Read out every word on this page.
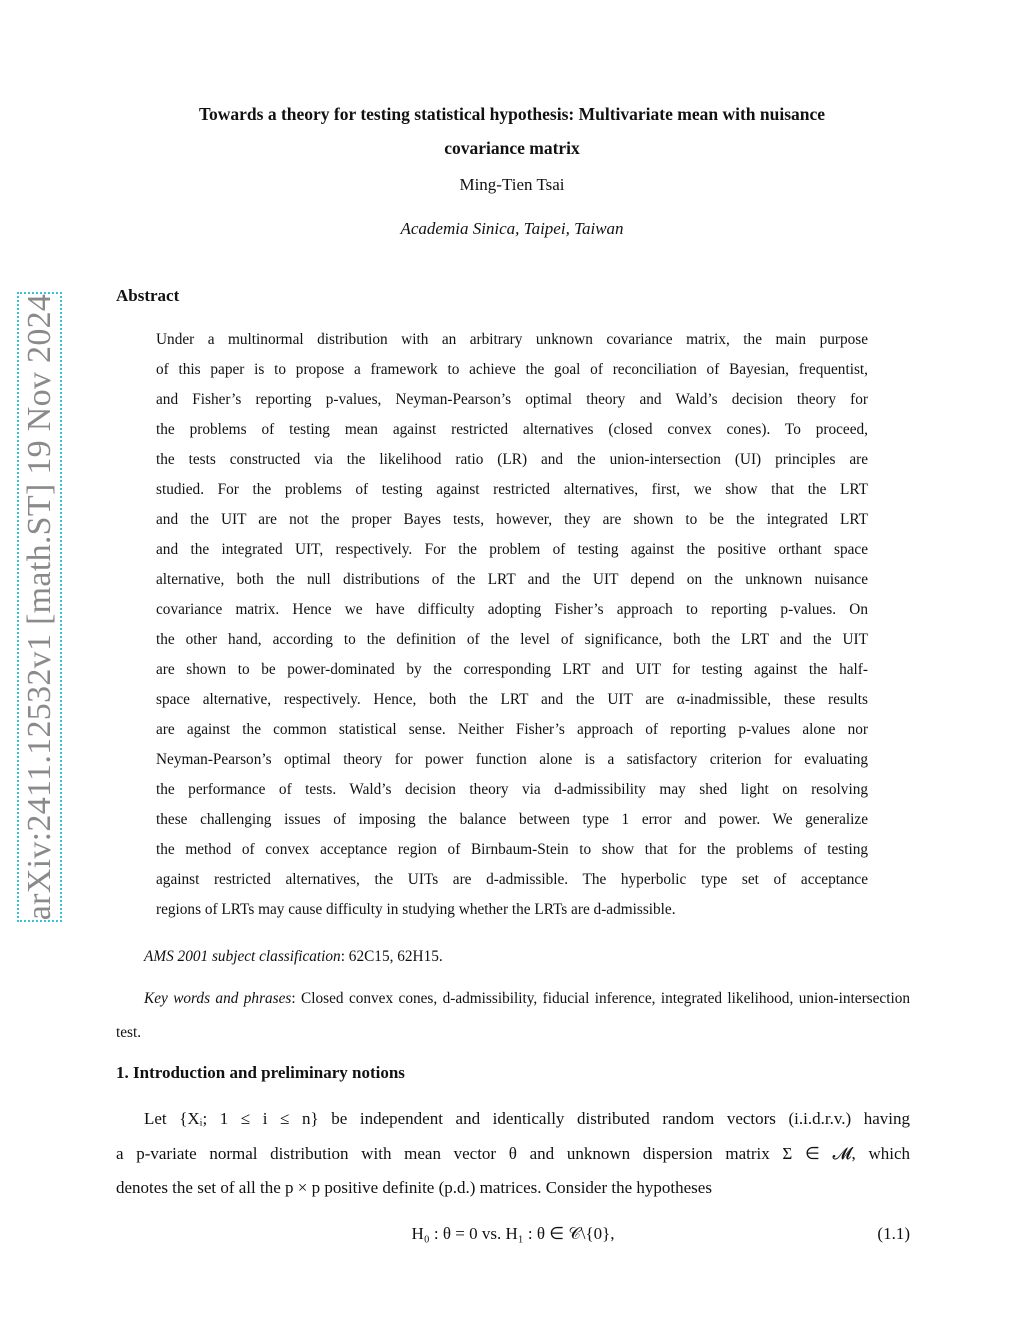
arXiv:2411.12532v1 [math.ST] 19 Nov 2024
Towards a theory for testing statistical hypothesis: Multivariate mean with nuisance
covariance matrix
Ming-Tien Tsai
Academia Sinica, Taipei, Taiwan
Abstract
Under a multinormal distribution with an arbitrary unknown covariance matrix, the main purpose
of this paper is to propose a framework to achieve the goal of reconciliation of Bayesian, frequentist,
and Fisher’s reporting p-values, Neyman-Pearson’s optimal theory and Wald’s decision theory for
the problems of testing mean against restricted alternatives (closed convex cones). To proceed,
the tests constructed via the likelihood ratio (LR) and the union-intersection (UI) principles are
studied. For the problems of testing against restricted alternatives, first, we show that the LRT
and the UIT are not the proper Bayes tests, however, they are shown to be the integrated LRT
and the integrated UIT, respectively. For the problem of testing against the positive orthant space
alternative, both the null distributions of the LRT and the UIT depend on the unknown nuisance
covariance matrix. Hence we have difficulty adopting Fisher’s approach to reporting p-values. On
the other hand, according to the definition of the level of significance, both the LRT and the UIT
are shown to be power-dominated by the corresponding LRT and UIT for testing against the half-
space alternative, respectively. Hence, both the LRT and the UIT are α-inadmissible, these results
are against the common statistical sense. Neither Fisher’s approach of reporting p-values alone nor
Neyman-Pearson’s optimal theory for power function alone is a satisfactory criterion for evaluating
the performance of tests. Wald’s decision theory via d-admissibility may shed light on resolving
these challenging issues of imposing the balance between type 1 error and power. We generalize
the method of convex acceptance region of Birnbaum-Stein to show that for the problems of testing
against restricted alternatives, the UITs are d-admissible. The hyperbolic type set of acceptance
regions of LRTs may cause difficulty in studying whether the LRTs are d-admissible.
AMS 2001 subject classification: 62C15, 62H15.
Key words and phrases: Closed convex cones, d-admissibility, fiducial inference, integrated likelihood, union-intersection test.
1. Introduction and preliminary notions
Let {Xᵢ; 1 ≤ i ≤ n} be independent and identically distributed random vectors (i.i.d.r.v.) having
a p-variate normal distribution with mean vector θ and unknown dispersion matrix Σ ∈ 𝓜, which
denotes the set of all the p × p positive definite (p.d.) matrices. Consider the hypotheses
H₀ : θ = 0 vs. H₁ : θ ∈ 𝒞\{0},	(1.1)
